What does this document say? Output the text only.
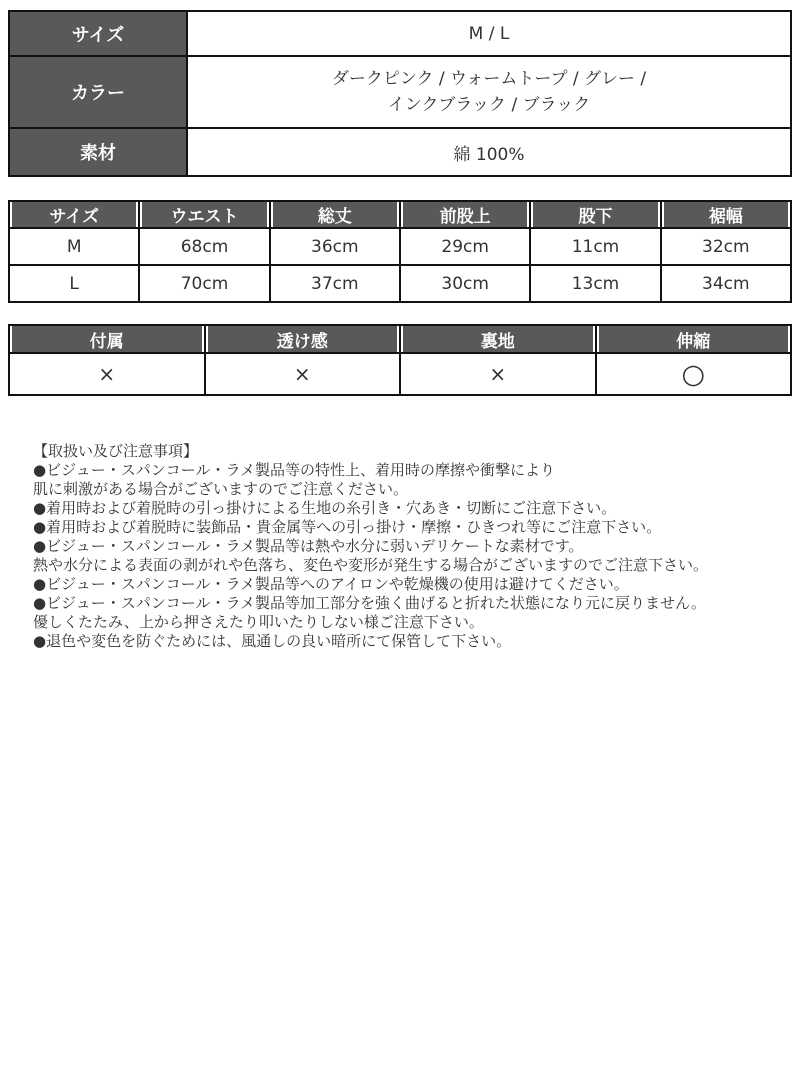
サイズ	M / L
カラー	ダークピンク / ウォームトープ / グレー /
インクブラック / ブラック

素材	綿 100%
サイズ	ウエスト	総丈	前股上	股下	裾幅
M	68cm	36cm	29cm	11cm	32cm
L	70cm	37cm	30cm	13cm	34cm
付属	透け感	裏地	伸縮
×	×	×	○
【取扱い及び注意事項】
●ビジュー・スパンコール・ラメ製品等の特性上、着用時の摩擦や衝撃により
肌に刺激がある場合がございますのでご注意ください。
●着用時および着脱時の引っ掛けによる生地の糸引き・穴あき・切断にご注意下さい。
●着用時および着脱時に装飾品・貴金属等への引っ掛け・摩擦・ひきつれ等にご注意下さい。
●ビジュー・スパンコール・ラメ製品等は熱や水分に弱いデリケートな素材です。
熱や水分による表面の剥がれや色落ち、変色や変形が発生する場合がございますのでご注意下さい。
●ビジュー・スパンコール・ラメ製品等へのアイロンや乾燥機の使用は避けてください。
●ビジュー・スパンコール・ラメ製品等加工部分を強く曲げると折れた状態になり元に戻りません。
優しくたたみ、上から押さえたり叩いたりしない様ご注意下さい。
●退色や変色を防ぐためには、風通しの良い暗所にて保管して下さい。
